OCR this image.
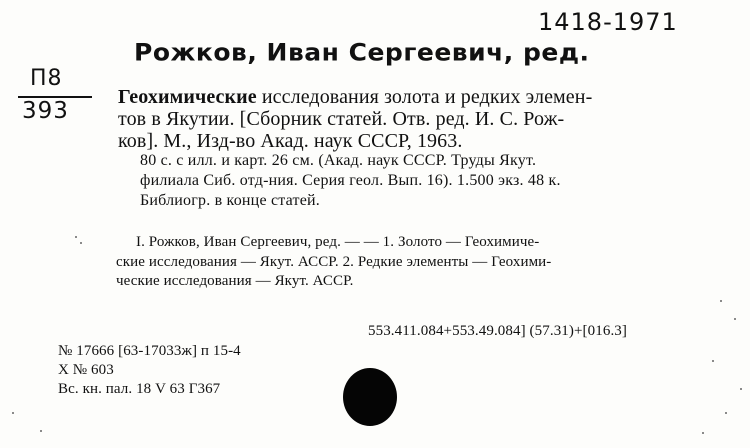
1418-1971
Рожков, Иван Сергеевич, ред.
П8
393
Геохимические исследования золота и редких элемен-
тов в Якутии. [Сборник статей. Отв. ред. И. С. Рож-
ков]. М., Изд-во Акад. наук СССР, 1963.
80 с. с илл. и карт. 26 см. (Акад. наук СССР. Труды Якут.
филиала Сиб. отд-ния. Серия геол. Вып. 16). 1.500 экз. 48 к.
Библиогр. в конце статей.
I. Рожков, Иван Сергеевич, ред. — — 1. Золото — Геохимиче-
ские исследования — Якут. АССР. 2. Редкие элементы — Геохими-
ческие исследования — Якут. АССР.
553.411.084+553.49.084] (57.31)+[016.3]
№ 17666 [63-17033ж] п 15-4
Х № 603
Вс. кн. пал. 18 V 63 Г367
